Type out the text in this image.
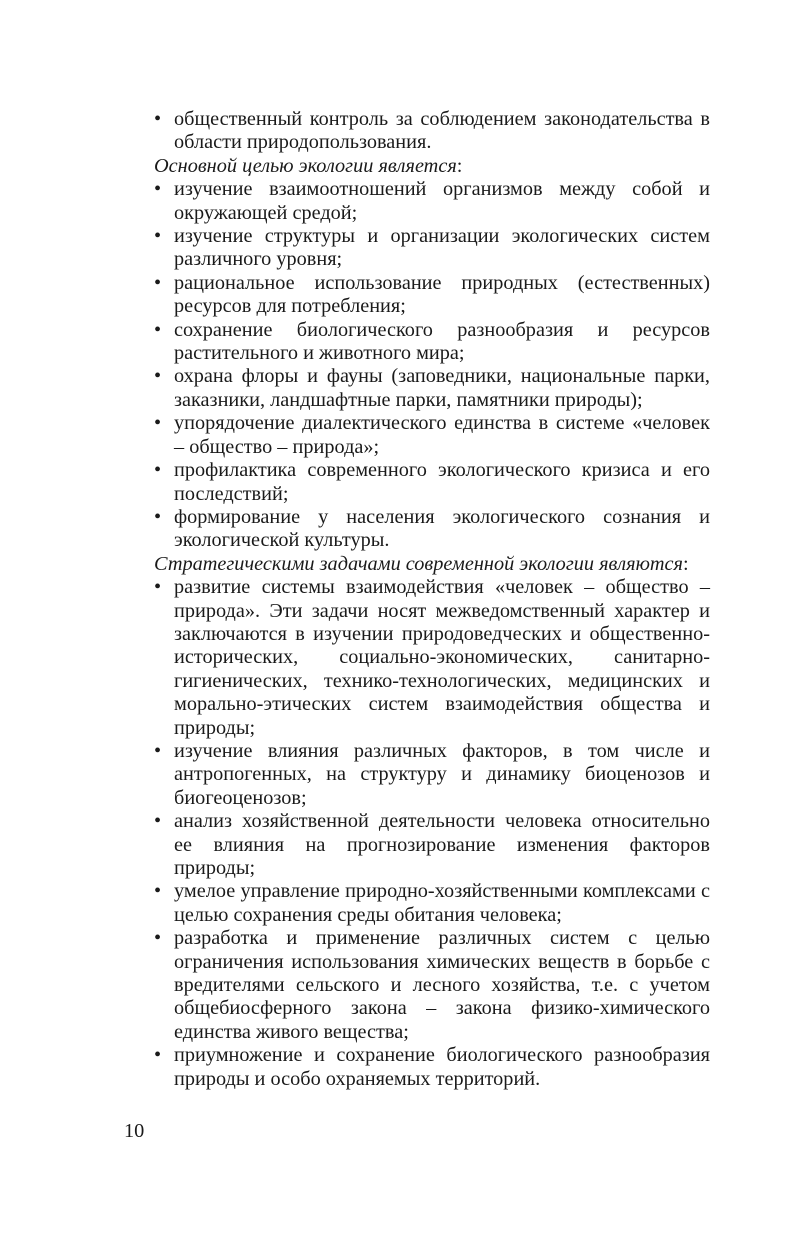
• общественный контроль за соблюдением законодательства в области природопользования.
Основной целью экологии является:
• изучение взаимоотношений организмов между собой и окружающей средой;
• изучение структуры и организации экологических систем различного уровня;
• рациональное использование природных (естественных) ресурсов для потребления;
• сохранение биологического разнообразия и ресурсов растительного и животного мира;
• охрана флоры и фауны (заповедники, национальные парки, заказники, ландшафтные парки, памятники природы);
• упорядочение диалектического единства в системе «человек – общество – природа»;
• профилактика современного экологического кризиса и его последствий;
• формирование у населения экологического сознания и экологической культуры.
Стратегическими задачами современной экологии являются:
• развитие системы взаимодействия «человек – общество – природа». Эти задачи носят межведомственный характер и заключаются в изучении природоведческих и общественно-исторических, социально-экономических, санитарно-гигиенических, технико-технологических, медицинских и морально-этических систем взаимодействия общества и природы;
• изучение влияния различных факторов, в том числе и антропогенных, на структуру и динамику биоценозов и биогеоценозов;
• анализ хозяйственной деятельности человека относительно ее влияния на прогнозирование изменения факторов природы;
• умелое управление природно-хозяйственными комплексами с целью сохранения среды обитания человека;
• разработка и применение различных систем с целью ограничения использования химических веществ в борьбе с вредителями сельского и лесного хозяйства, т.е. с учетом общебиосферного закона – закона физико-химического единства живого вещества;
• приумножение и сохранение биологического разнообразия природы и особо охраняемых территорий.
10
